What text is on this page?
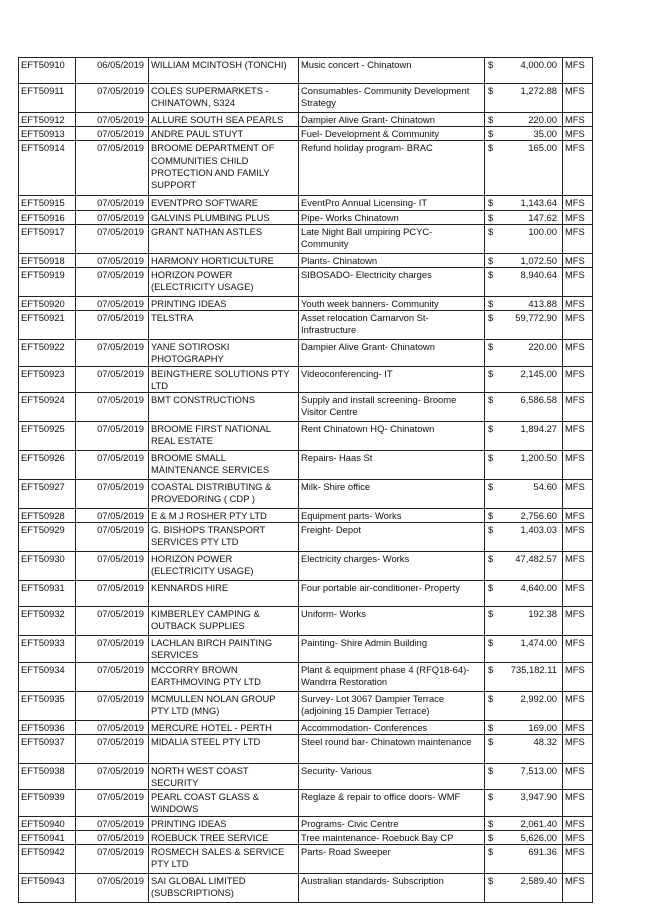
EFT50910	06/05/2019	WILLIAM MCINTOSH (TONCHI)	Music concert - Chinatown	$	4,000.00	MFS
EFT50911	07/05/2019	COLES SUPERMARKETS - CHINATOWN, S324	Consumables- Community Development Strategy	$	1,272.88	MFS
EFT50912	07/05/2019	ALLURE SOUTH SEA PEARLS	Dampier Alive Grant- Chinatown	$	220.00	MFS
EFT50913	07/05/2019	ANDRE PAUL STUYT	Fuel- Development & Community	$	35.00	MFS
EFT50914	07/05/2019	BROOME DEPARTMENT OF COMMUNITIES CHILD PROTECTION AND FAMILY SUPPORT	Refund holiday program- BRAC	$	165.00	MFS
EFT50915	07/05/2019	EVENTPRO SOFTWARE	EventPro Annual Licensing- IT	$	1,143.64	MFS
EFT50916	07/05/2019	GALVINS PLUMBING PLUS	Pipe- Works Chinatown	$	147.62	MFS
EFT50917	07/05/2019	GRANT NATHAN ASTLES	Late Night Ball umpiring PCYC- Community	$	100.00	MFS
EFT50918	07/05/2019	HARMONY HORTICULTURE	Plants- Chinatown	$	1,072.50	MFS
EFT50919	07/05/2019	HORIZON POWER (ELECTRICITY USAGE)	SIBOSADO- Electricity charges	$	8,940.64	MFS
EFT50920	07/05/2019	PRINTING IDEAS	Youth week banners- Community	$	413.88	MFS
EFT50921	07/05/2019	TELSTRA	Asset relocation Carnarvon St- Infrastructure	$	59,772.90	MFS
EFT50922	07/05/2019	YANE SOTIROSKI PHOTOGRAPHY	Dampier Alive Grant- Chinatown	$	220.00	MFS
EFT50923	07/05/2019	BEINGTHERE SOLUTIONS PTY LTD	Videoconferencing- IT	$	2,145.00	MFS
EFT50924	07/05/2019	BMT CONSTRUCTIONS	Supply and install screening- Broome Visitor Centre	$	6,586.58	MFS
EFT50925	07/05/2019	BROOME FIRST NATIONAL REAL ESTATE	Rent Chinatown HQ- Chinatown	$	1,894.27	MFS
EFT50926	07/05/2019	BROOME SMALL MAINTENANCE SERVICES	Repairs- Haas St	$	1,200.50	MFS
EFT50927	07/05/2019	COASTAL DISTRIBUTING & PROVEDORING ( CDP )	Milk- Shire office	$	54.60	MFS
EFT50928	07/05/2019	E & M J ROSHER PTY LTD	Equipment parts- Works	$	2,756.60	MFS
EFT50929	07/05/2019	G. BISHOPS TRANSPORT SERVICES PTY LTD	Freight- Depot	$	1,403.03	MFS
EFT50930	07/05/2019	HORIZON POWER (ELECTRICITY USAGE)	Electricity charges- Works	$	47,482.57	MFS
EFT50931	07/05/2019	KENNARDS HIRE	Four portable air-conditioner- Property	$	4,640.00	MFS
EFT50932	07/05/2019	KIMBERLEY CAMPING & OUTBACK SUPPLIES	Uniform- Works	$	192.38	MFS
EFT50933	07/05/2019	LACHLAN BIRCH PAINTING SERVICES	Painting- Shire Admin Building	$	1,474.00	MFS
EFT50934	07/05/2019	MCCORRY BROWN EARTHMOVING PTY LTD	Plant & equipment phase 4 (RFQ18-64)- Wandrra Restoration	$	735,182.11	MFS
EFT50935	07/05/2019	MCMULLEN NOLAN GROUP PTY LTD (MNG)	Survey- Lot 3067 Dampier Terrace (adjoining 15 Dampier Terrace)	$	2,992.00	MFS
EFT50936	07/05/2019	MERCURE HOTEL - PERTH	Accommodation- Conferences	$	169.00	MFS
EFT50937	07/05/2019	MIDALIA STEEL PTY LTD	Steel round bar- Chinatown maintenance	$	48.32	MFS
EFT50938	07/05/2019	NORTH WEST COAST SECURITY	Security- Various	$	7,513.00	MFS
EFT50939	07/05/2019	PEARL COAST GLASS & WINDOWS	Reglaze & repair to office doors- WMF	$	3,947.90	MFS
EFT50940	07/05/2019	PRINTING IDEAS	Programs- Civic Centre	$	2,061.40	MFS
EFT50941	07/05/2019	ROEBUCK TREE SERVICE	Tree maintenance- Roebuck Bay CP	$	5,626.00	MFS
EFT50942	07/05/2019	ROSMECH SALES & SERVICE PTY LTD	Parts- Road Sweeper	$	691.36	MFS
EFT50943	07/05/2019	SAI GLOBAL LIMITED (SUBSCRIPTIONS)	Australian standards- Subscription	$	2,589.40	MFS
